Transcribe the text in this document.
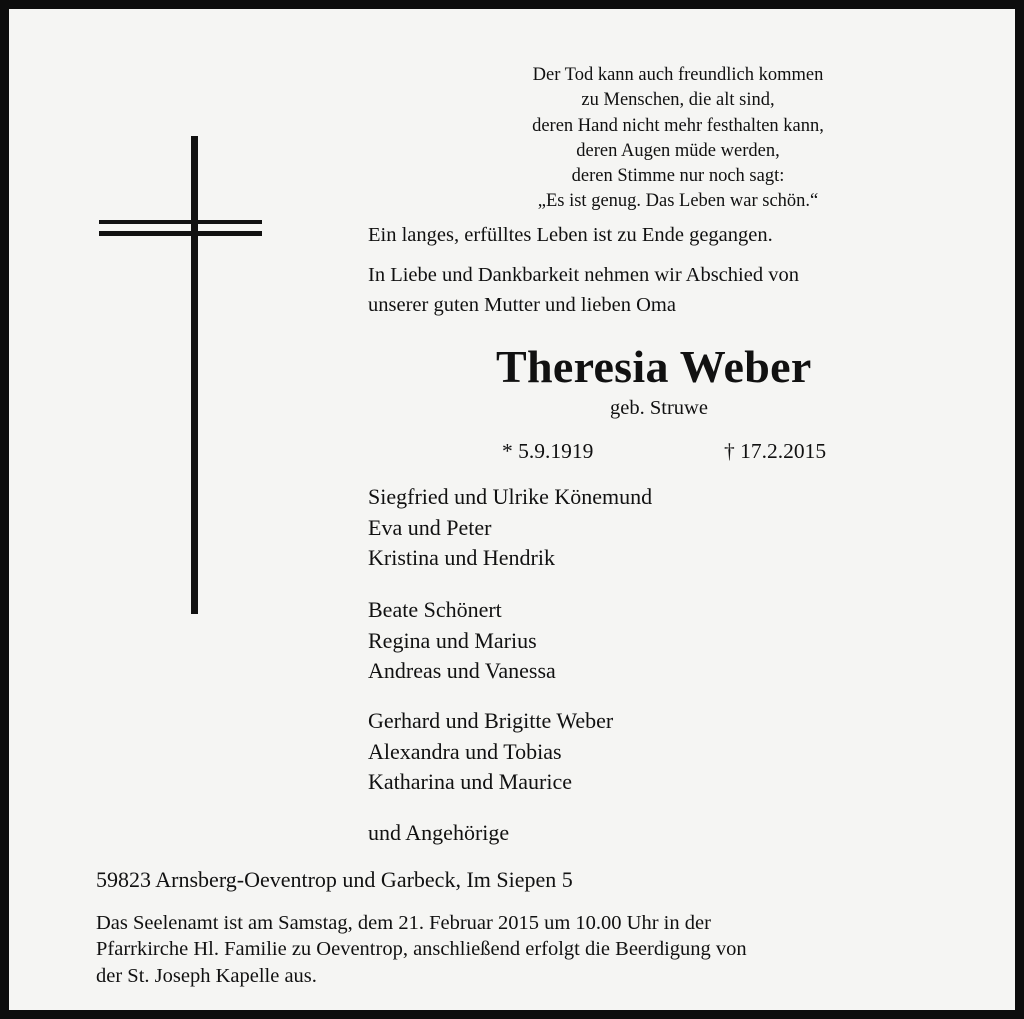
Der Tod kann auch freundlich kommen
zu Menschen, die alt sind,
deren Hand nicht mehr festhalten kann,
deren Augen müde werden,
deren Stimme nur noch sagt:
„Es ist genug. Das Leben war schön.“
Ein langes, erfülltes Leben ist zu Ende gegangen.
In Liebe und Dankbarkeit nehmen wir Abschied von
unserer guten Mutter und lieben Oma
Theresia Weber
geb. Struwe
* 5.9.1919	† 17.2.2015
Siegfried und Ulrike Könemund
Eva und Peter
Kristina und Hendrik
Beate Schönert
Regina und Marius
Andreas und Vanessa
Gerhard und Brigitte Weber
Alexandra und Tobias
Katharina und Maurice
und Angehörige
59823 Arnsberg-Oeventrop und Garbeck, Im Siepen 5
Das Seelenamt ist am Samstag, dem 21. Februar 2015 um 10.00 Uhr in der
Pfarrkirche Hl. Familie zu Oeventrop, anschließend erfolgt die Beerdigung von
der St. Joseph Kapelle aus.
